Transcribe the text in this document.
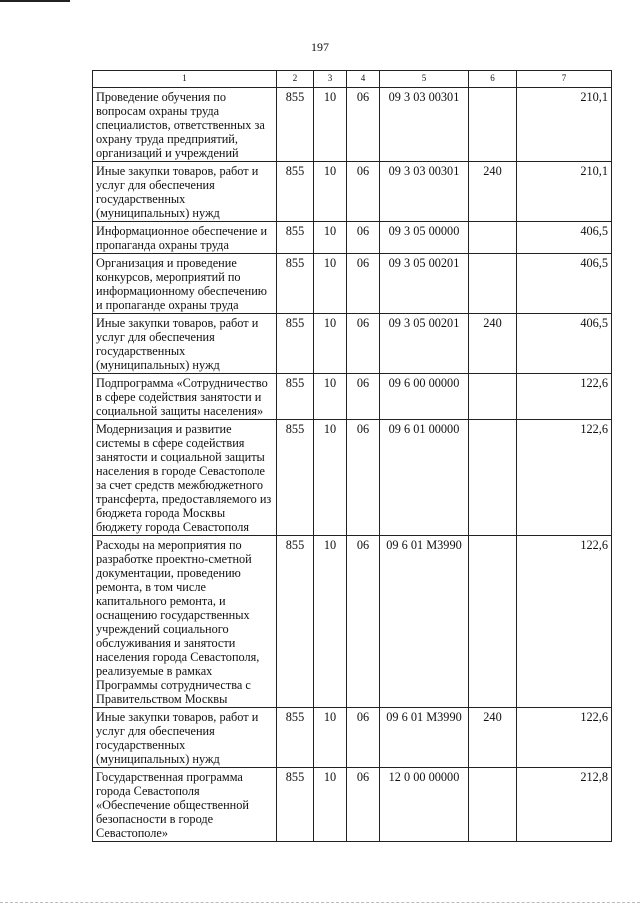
197
1	2	3	4	5	6	7
Проведение обучения по вопросам охраны труда специалистов, ответственных за охрану труда предприятий, организаций и учреждений	855	10	06	09 3 03 00301		210,1
Иные закупки товаров, работ и услуг для обеспечения государственных (муниципальных) нужд	855	10	06	09 3 03 00301	240	210,1
Информационное обеспечение и пропаганда охраны труда	855	10	06	09 3 05 00000		406,5
Организация и проведение конкурсов, мероприятий по информационному обеспечению и пропаганде охраны труда	855	10	06	09 3 05 00201		406,5
Иные закупки товаров, работ и услуг для обеспечения государственных (муниципальных) нужд	855	10	06	09 3 05 00201	240	406,5
Подпрограмма «Сотрудничество в сфере содействия занятости и социальной защиты населения»	855	10	06	09 6 00 00000		122,6
Модернизация и развитие системы в сфере содействия занятости и социальной защиты населения в городе Севастополе за счет средств межбюджетного трансферта, предоставляемого из бюджета города Москвы бюджету города Севастополя	855	10	06	09 6 01 00000		122,6
Расходы на мероприятия по разработке проектно-сметной документации, проведению ремонта, в том числе капитального ремонта, и оснащению государственных учреждений социального обслуживания и занятости населения города Севастополя, реализуемые в рамках Программы сотрудничества с Правительством Москвы	855	10	06	09 6 01 М3990		122,6
Иные закупки товаров, работ и услуг для обеспечения государственных (муниципальных) нужд	855	10	06	09 6 01 М3990	240	122,6
Государственная программа города Севастополя «Обеспечение общественной безопасности в городе Севастополе»	855	10	06	12 0 00 00000		212,8
